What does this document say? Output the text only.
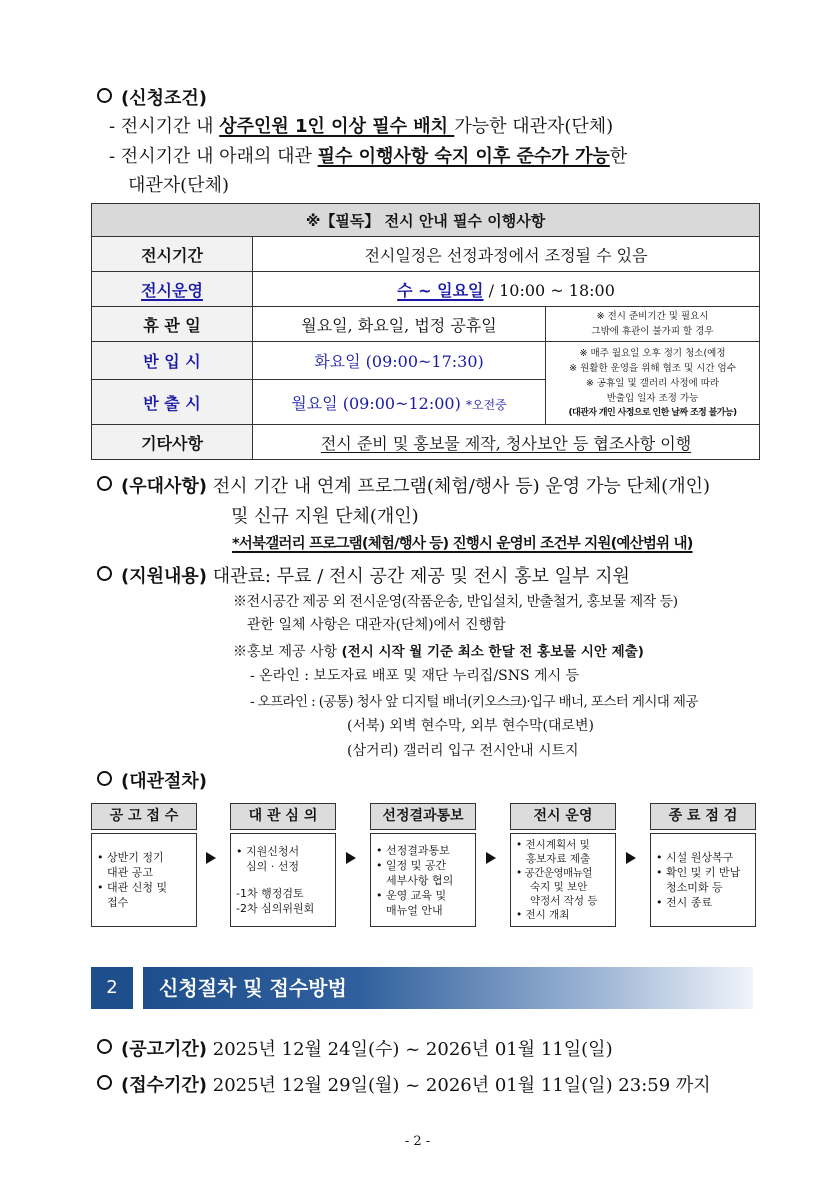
(신청조건)
- 전시기간 내 상주인원 1인 이상 필수 배치 가능한 대관자(단체)
- 전시기간 내 아래의 대관 필수 이행사항 숙지 이후 준수가 가능한
대관자(단체)
※【필독】 전시 안내 필수 이행사항		
전시기간	전시일정은 선정과정에서 조정될 수 있음	
전시운영	수 ~ 일요일 / 10:00 ~ 18:00	
휴 관 일	월요일, 화요일, 법정 공휴일	※ 전시 준비기간 및 필요시
그밖에 휴관이 불가피 할 경우

반 입 시	화요일 (09:00~17:30)	※ 매주 월요일 오후 정기 청소(예정
※ 원활한 운영을 위해 협조 및 시간 엄수
※ 공휴일 및 갤러리 사정에 따라
반출입 일자 조정 가능
(대관자 개인 사정으로 인한 날짜 조정 불가능)

반 출 시	월요일 (09:00~12:00) *오전중	
기타사항	전시 준비 및 홍보물 제작, 청사보안 등 협조사항 이행	
(우대사항) 전시 기간 내 연계 프로그램(체험/행사 등) 운영 가능 단체(개인)
및 신규 지원 단체(개인)
*서북갤러리 프로그램(체험/행사 등) 진행시 운영비 조건부 지원(예산범위 내)
(지원내용) 대관료: 무료 / 전시 공간 제공 및 전시 홍보 일부 지원
※전시공간 제공 외 전시운영(작품운송, 반입설치, 반출철거, 홍보물 제작 등)
관한 일체 사항은 대관자(단체)에서 진행함
※홍보 제공 사항 (전시 시작 월 기준 최소 한달 전 홍보물 시안 제출)
- 온라인 : 보도자료 배포 및 재단 누리집/SNS 게시 등
- 오프라인 : (공통) 청사 앞 디지털 배너(키오스크)·입구 배너, 포스터 게시대 제공
(서북) 외벽 현수막, 외부 현수막(대로변)
(삼거리) 갤러리 입구 전시안내 시트지
(대관절차)
공 고 접 수
• 상반기 정기
대관 공고
• 대관 신청 및
접수
대 관 심 의
• 지원신청서
심의 · 선정
-1차 행정검토
-2차 심의위원회
선정결과통보
• 선정결과통보
• 일정 및 공간
세부사항 협의
• 운영 교육 및
매뉴얼 안내
전시 운영
• 전시계획서 및
홍보자료 제출
• 공간운영매뉴얼
숙지 및 보안
약정서 작성 등
• 전시 개최
종 료 점 검
• 시설 원상복구
• 확인 및 키 반납
청소미화 등
• 전시 종료
2	신청절차 및 접수방법
(공고기간) 2025년 12월 24일(수) ~ 2026년 01월 11일(일)
(접수기간) 2025년 12월 29일(월) ~ 2026년 01월 11일(일) 23:59 까지
- 2 -
